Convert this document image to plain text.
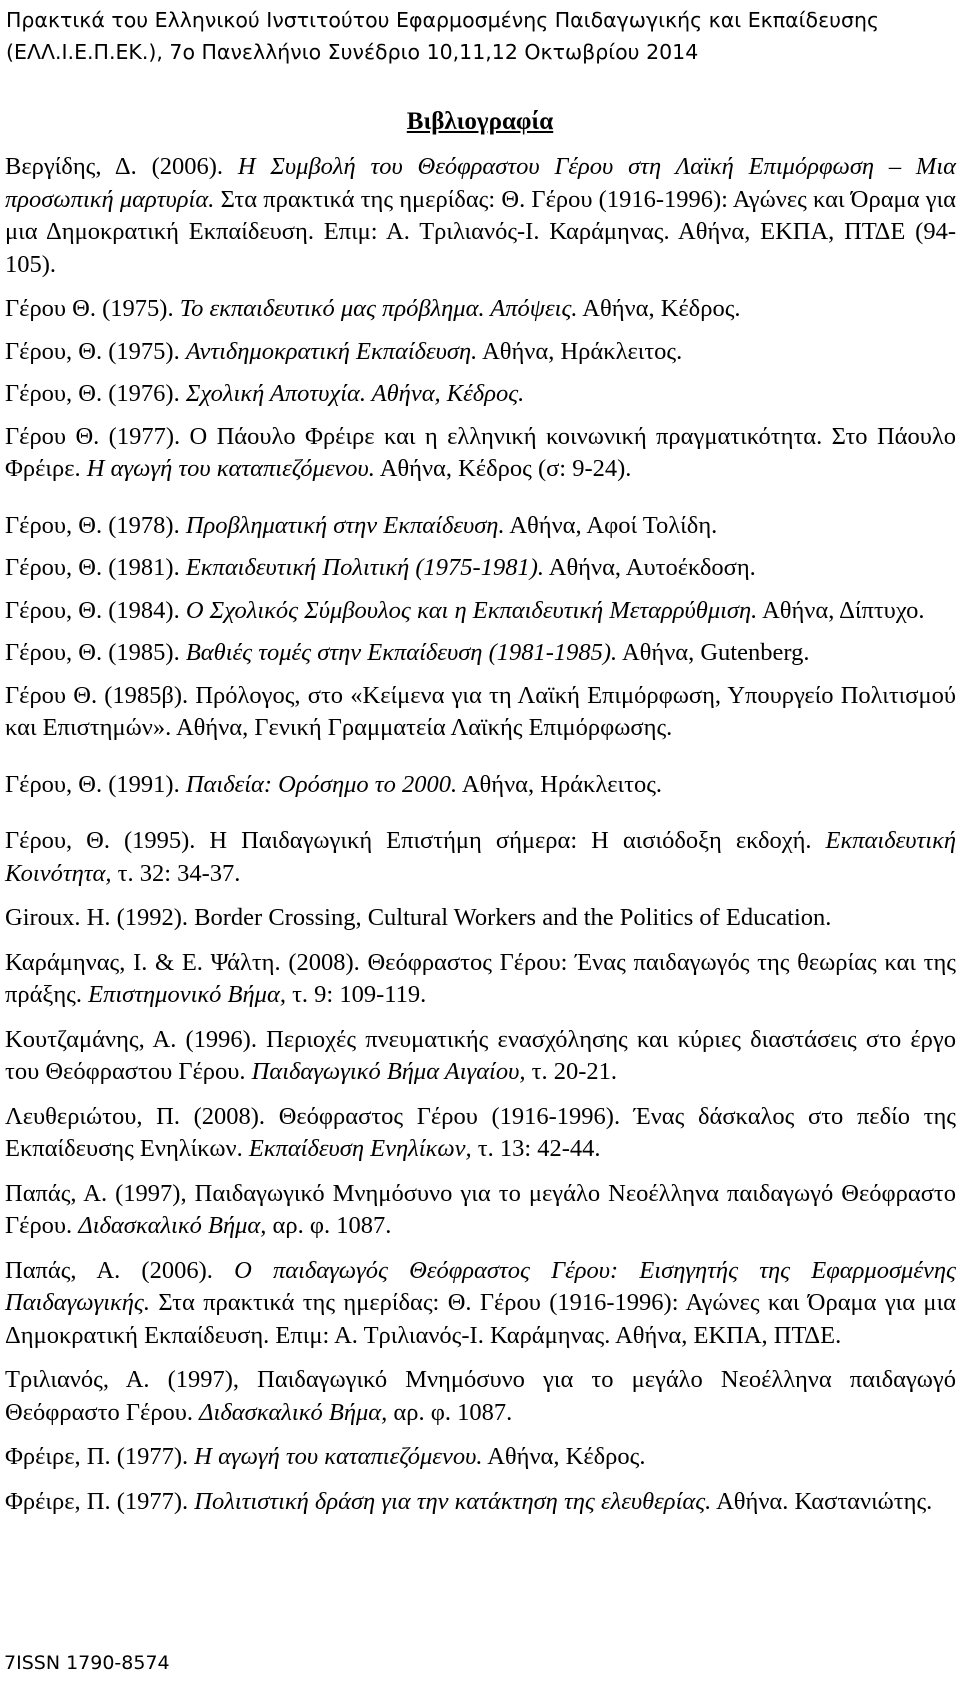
Πρακτικά του Ελληνικού Ινστιτούτου Εφαρμοσμένης Παιδαγωγικής και Εκπαίδευσης
(ΕΛΛ.Ι.Ε.Π.ΕΚ.), 7ο Πανελλήνιο Συνέδριο 10,11,12 Οκτωβρίου 2014
Βιβλιογραφία
Βεργίδης, Δ. (2006). Η Συμβολή του Θεόφραστου Γέρου στη Λαϊκή Επιμόρφωση – Μια προσωπική μαρτυρία. Στα πρακτικά της ημερίδας: Θ. Γέρου (1916-1996): Αγώνες και Όραμα για μια Δημοκρατική Εκπαίδευση. Επιμ: Α. Τριλιανός-Ι. Καράμηνας. Αθήνα, ΕΚΠΑ, ΠΤΔΕ (94-105).
Γέρου Θ. (1975). Το εκπαιδευτικό μας πρόβλημα. Απόψεις. Αθήνα, Κέδρος.
Γέρου, Θ. (1975). Αντιδημοκρατική Εκπαίδευση. Αθήνα, Ηράκλειτος.
Γέρου, Θ. (1976). Σχολική Αποτυχία. Αθήνα, Κέδρος.
Γέρου Θ. (1977). Ο Πάουλο Φρέιρε και η ελληνική κοινωνική πραγματικότητα. Στο Πάουλο Φρέιρε. Η αγωγή του καταπιεζόμενου. Αθήνα, Κέδρος (σ: 9-24).
Γέρου, Θ. (1978). Προβληματική στην Εκπαίδευση. Αθήνα, Αφοί Τολίδη.
Γέρου, Θ. (1981). Εκπαιδευτική Πολιτική (1975-1981). Αθήνα, Αυτοέκδοση.
Γέρου, Θ. (1984). Ο Σχολικός Σύμβουλος και η Εκπαιδευτική Μεταρρύθμιση. Αθήνα, Δίπτυχο.
Γέρου, Θ. (1985). Βαθιές τομές στην Εκπαίδευση (1981-1985). Αθήνα, Gutenberg.
Γέρου Θ. (1985β). Πρόλογος, στο «Κείμενα για τη Λαϊκή Επιμόρφωση, Υπουργείο Πολιτισμού και Επιστημών». Αθήνα, Γενική Γραμματεία Λαϊκής Επιμόρφωσης.
Γέρου, Θ. (1991). Παιδεία: Ορόσημο το 2000. Αθήνα, Ηράκλειτος.
Γέρου, Θ. (1995). Η Παιδαγωγική Επιστήμη σήμερα: Η αισιόδοξη εκδοχή. Εκπαιδευτική Κοινότητα, τ. 32: 34-37.
Giroux. H. (1992). Border Crossing, Cultural Workers and the Politics of Education.
Καράμηνας, Ι. & Ε. Ψάλτη. (2008). Θεόφραστος Γέρου: Ένας παιδαγωγός της θεωρίας και της πράξης. Επιστημονικό Βήμα, τ. 9: 109-119.
Κουτζαμάνης, Α. (1996). Περιοχές πνευματικής ενασχόλησης και κύριες διαστάσεις στο έργο του Θεόφραστου Γέρου. Παιδαγωγικό Βήμα Αιγαίου, τ. 20-21.
Λευθεριώτου, Π. (2008). Θεόφραστος Γέρου (1916-1996). Ένας δάσκαλος στο πεδίο της Εκπαίδευσης Ενηλίκων. Εκπαίδευση Ενηλίκων, τ. 13: 42-44.
Παπάς, Α. (1997), Παιδαγωγικό Μνημόσυνο για το μεγάλο Νεοέλληνα παιδαγωγό Θεόφραστο Γέρου. Διδασκαλικό Βήμα, αρ. φ. 1087.
Παπάς, Α. (2006). Ο παιδαγωγός Θεόφραστος Γέρου: Εισηγητής της Εφαρμοσμένης Παιδαγωγικής. Στα πρακτικά της ημερίδας: Θ. Γέρου (1916-1996): Αγώνες και Όραμα για μια Δημοκρατική Εκπαίδευση. Επιμ: Α. Τριλιανός-Ι. Καράμηνας. Αθήνα, ΕΚΠΑ, ΠΤΔΕ.
Τριλιανός, Α. (1997), Παιδαγωγικό Μνημόσυνο για το μεγάλο Νεοέλληνα παιδαγωγό Θεόφραστο Γέρου. Διδασκαλικό Βήμα, αρ. φ. 1087.
Φρέιρε, Π. (1977). Η αγωγή του καταπιεζόμενου. Αθήνα, Κέδρος.
Φρέιρε, Π. (1977). Πολιτιστική δράση για την κατάκτηση της ελευθερίας. Αθήνα. Καστανιώτης.
7ISSN 1790-8574
